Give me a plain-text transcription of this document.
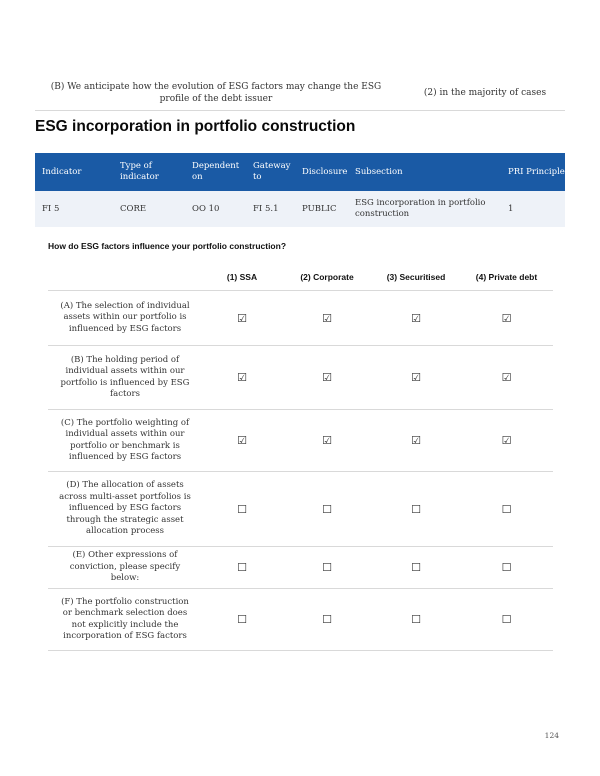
(B) We anticipate how the evolution of ESG factors may change the ESG profile of the debt issuer
(2) in the majority of cases
ESG incorporation in portfolio construction
Indicator	Type of indicator	Dependent on	Gateway to	Disclosure	Subsection	PRI Principle
FI 5	CORE	OO 10	FI 5.1	PUBLIC	ESG incorporation in portfolio construction	1

How do ESG factors influence your portfolio construction?

	(1) SSA	(2) Corporate	(3) Securitised	(4) Private debt
(A) The selection of individual assets within our portfolio is influenced by ESG factors	☑	☑	☑	☑
(B) The holding period of individual assets within our portfolio is influenced by ESG factors	☑	☑	☑	☑
(C) The portfolio weighting of individual assets within our portfolio or benchmark is influenced by ESG factors	☑	☑	☑	☑
(D) The allocation of assets across multi-asset portfolios is influenced by ESG factors through the strategic asset allocation process	☐	☐	☐	☐
(E) Other expressions of conviction, please specify below:	☐	☐	☐	☐
(F) The portfolio construction or benchmark selection does not explicitly include the incorporation of ESG factors	☐	☐	☐	☐
124
